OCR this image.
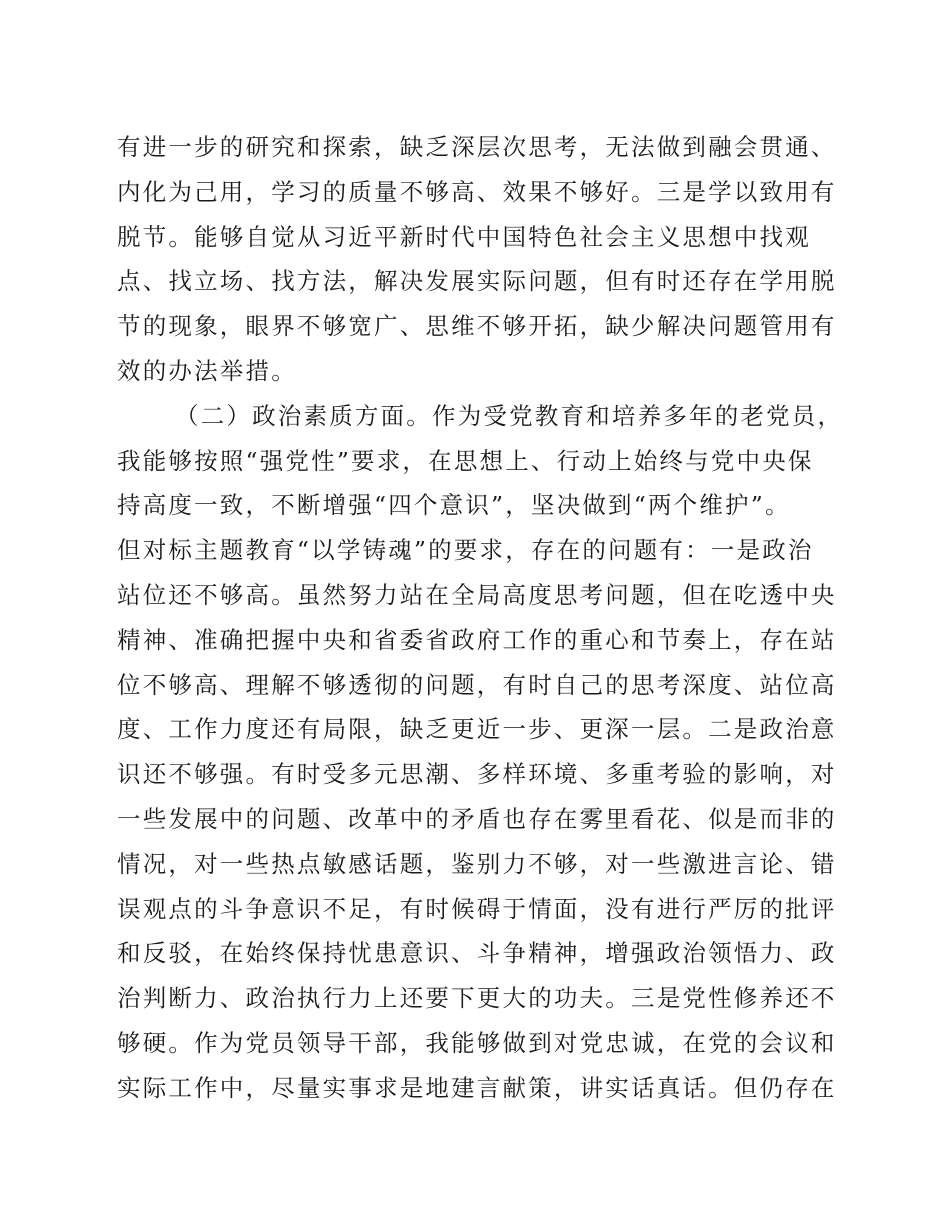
有进一步的研究和探索，缺乏深层次思考，无法做到融会贯通、
内化为己用，学习的质量不够高、效果不够好。三是学以致用有
脱节。能够自觉从习近平新时代中国特色社会主义思想中找观
点、找立场、找方法，解决发展实际问题，但有时还存在学用脱
节的现象，眼界不够宽广、思维不够开拓，缺少解决问题管用有
效的办法举措。
（二）政治素质方面。作为受党教育和培养多年的老党员，
我能够按照“强党性”要求，在思想上、行动上始终与党中央保
持高度一致，不断增强“四个意识”，坚决做到“两个维护”。
但对标主题教育“以学铸魂”的要求，存在的问题有：一是政治
站位还不够高。虽然努力站在全局高度思考问题，但在吃透中央
精神、准确把握中央和省委省政府工作的重心和节奏上，存在站
位不够高、理解不够透彻的问题，有时自己的思考深度、站位高
度、工作力度还有局限，缺乏更近一步、更深一层。二是政治意
识还不够强。有时受多元思潮、多样环境、多重考验的影响，对
一些发展中的问题、改革中的矛盾也存在雾里看花、似是而非的
情况，对一些热点敏感话题，鉴别力不够，对一些激进言论、错
误观点的斗争意识不足，有时候碍于情面，没有进行严厉的批评
和反驳，在始终保持忧患意识、斗争精神，增强政治领悟力、政
治判断力、政治执行力上还要下更大的功夫。三是党性修养还不
够硬。作为党员领导干部，我能够做到对党忠诚，在党的会议和
实际工作中，尽量实事求是地建言献策，讲实话真话。但仍存在
